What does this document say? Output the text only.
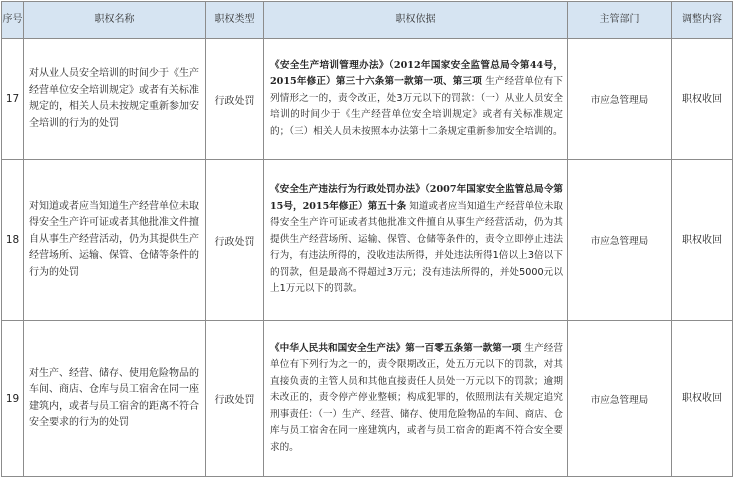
序号	职权名称	职权类型	职权依据	主管部门	调整内容
17	对从业人员安全培训的时间少于《生产经营单位安全培训规定》或者有关标准规定的，相关人员未按规定重新参加安全培训的行为的处罚	行政处罚	《安全生产培训管理办法》（2012年国家安全监管总局令第44号，2015年修正）第三十六条第一款第一项、第三项 生产经营单位有下列情形之一的，责令改正，处3万元以下的罚款：（一）从业人员安全培训的时间少于《生产经营单位安全培训规定》或者有关标准规定的；（三）相关人员未按照本办法第十二条规定重新参加安全培训的。	市应急管理局	职权收回
18	对知道或者应当知道生产经营单位未取得安全生产许可证或者其他批准文件擅自从事生产经营活动，仍为其提供生产经营场所、运输、保管、仓储等条件的行为的处罚	行政处罚	《安全生产违法行为行政处罚办法》（2007年国家安全监管总局令第15号，2015年修正）第五十条 知道或者应当知道生产经营单位未取得安全生产许可证或者其他批准文件擅自从事生产经营活动，仍为其提供生产经营场所、运输、保管、仓储等条件的，责令立即停止违法行为，有违法所得的，没收违法所得，并处违法所得1倍以上3倍以下的罚款，但是最高不得超过3万元；没有违法所得的，并处5000元以上1万元以下的罚款。	市应急管理局	职权收回
19	对生产、经营、储存、使用危险物品的车间、商店、仓库与员工宿舍在同一座建筑内，或者与员工宿舍的距离不符合安全要求的行为的处罚	行政处罚	《中华人民共和国安全生产法》第一百零五条第一款第一项 生产经营单位有下列行为之一的，责令限期改正，处五万元以下的罚款，对其直接负责的主管人员和其他直接责任人员处一万元以下的罚款；逾期未改正的，责令停产停业整顿；构成犯罪的，依照刑法有关规定追究刑事责任：（一）生产、经营、储存、使用危险物品的车间、商店、仓库与员工宿舍在同一座建筑内，或者与员工宿舍的距离不符合安全要求的。	市应急管理局	职权收回
